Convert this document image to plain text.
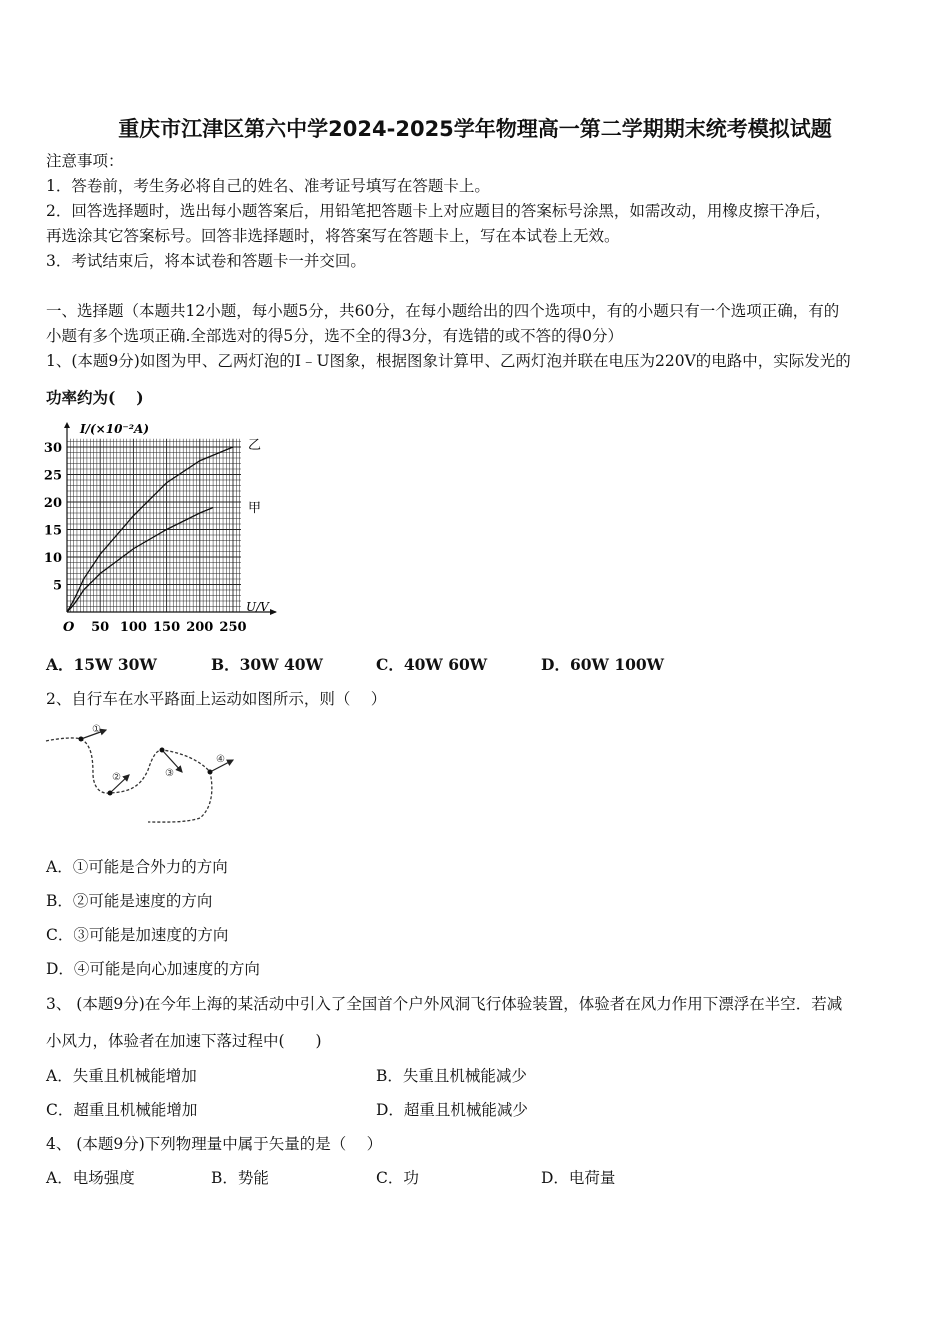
重庆市江津区第六中学2024-2025学年物理高一第二学期期末统考模拟试题
注意事项：
1．答卷前，考生务必将自己的姓名、准考证号填写在答题卡上。
2．回答选择题时，选出每小题答案后，用铅笔把答题卡上对应题目的答案标号涂黑，如需改动，用橡皮擦干净后，
再选涂其它答案标号。回答非选择题时，将答案写在答题卡上，写在本试卷上无效。
3．考试结束后，将本试卷和答题卡一并交回。
一、选择题（本题共12小题，每小题5分，共60分，在每小题给出的四个选项中，有的小题只有一个选项正确，有的
小题有多个选项正确.全部选对的得5分，选不全的得3分，有选错的或不答的得0分）
1、(本题9分)如图为甲、乙两灯泡的I﹣U图象，根据图象计算甲、乙两灯泡并联在电压为220V的电路中，实际发光的
功率约为(　 )
50 100 150 200 250
5
10
15
20
25
30
I/(×10⁻²A)
U/V
O
乙
甲
A．15W 30W	B．30W 40W	C．40W 60W	D．60W 100W
2、自行车在水平路面上运动如图所示，则（　 ）
①
②	③
④
A．①可能是合外力的方向
B．②可能是速度的方向
C．③可能是加速度的方向
D．④可能是向心加速度的方向
3、 (本题9分)在今年上海的某活动中引入了全国首个户外风洞飞行体验装置，体验者在风力作用下漂浮在半空．若减
小风力，体验者在加速下落过程中(　　)
A．失重且机械能增加	B．失重且机械能减少
C．超重且机械能增加	D．超重且机械能减少
4、 (本题9分)下列物理量中属于矢量的是（　 ）
A．电场强度	B．势能	C．功	D．电荷量
